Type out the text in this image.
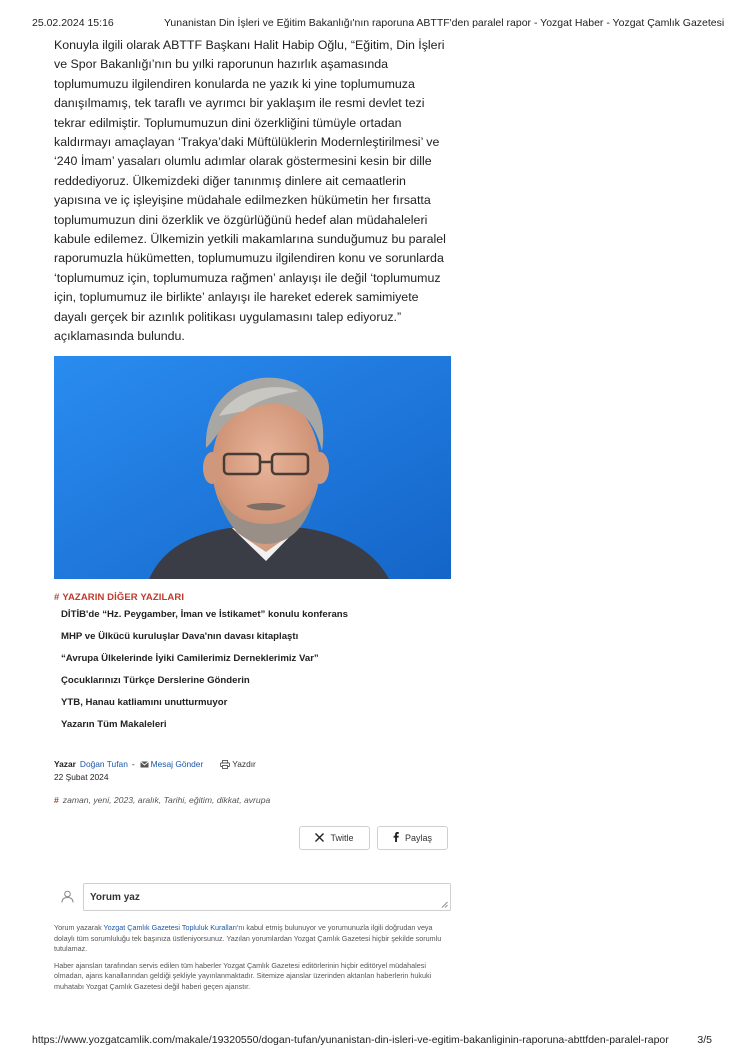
25.02.2024 15:16	Yunanistan Din İşleri ve Eğitim Bakanlığı'nın raporuna ABTTF'den paralel rapor - Yozgat Haber - Yozgat Çamlık Gazetesi
Konuyla ilgili olarak ABTTF Başkanı Halit Habip Oğlu, “Eğitim, Din İşleri ve Spor Bakanlığı’nın bu yılki raporunun hazırlık aşamasında toplumumuzu ilgilendiren konularda ne yazık ki yine toplumumuza danışılmamış, tek taraflı ve ayrımcı bir yaklaşım ile resmi devlet tezi tekrar edilmiştir. Toplumumuzun dini özerkliğini tümüyle ortadan kaldırmayı amaçlayan ‘Trakya’daki Müftülüklerin Modernleştirilmesi’ ve ‘240 İmam’ yasaları olumlu adımlar olarak göstermesini kesin bir dille reddediyoruz. Ülkemizdeki diğer tanınmış dinlere ait cemaatlerin yapısına ve iç işleyişine müdahale edilmezken hükümetin her fırsatta toplumumuzun dini özerklik ve özgürlüğünü hedef alan müdahaleleri kabule edilemez. Ülkemizin yetkili makamlarına sunduğumuz bu paralel raporumuzla hükümetten, toplumumuzu ilgilendiren konu ve sorunlarda ‘toplumumuz için, toplumumuza rağmen’ anlayışı ile değil ‘toplumumuz için, toplumumuz ile birlikte’ anlayışı ile hareket ederek samimiyete dayalı gerçek bir azınlık politikası uygulamasını talep ediyoruz.” açıklamasında bulundu.
# YAZARIN DİĞER YAZILARI
DİTİB'de “Hz. Peygamber, İman ve İstikamet” konulu konferans
MHP ve Ülkücü kuruluşlar Dava'nın davası kitaplaştı
“Avrupa Ülkelerinde İyiki Camilerimiz Derneklerimiz Var”
Çocuklarınızı Türkçe Derslerine Gönderin
YTB, Hanau katliamını unutturmuyor
Yazarın Tüm Makaleleri
Yazar Doğan Tufan - Mesaj Gönder	Yazdır
22 Şubat 2024
# zaman, yeni, 2023, aralık, Tarihi, eğitim, dikkat, avrupa
Twitle	Paylaş
Yorum yaz

Yorum yazarak Yozgat Çamlık Gazetesi Topluluk Kuralları'nı kabul etmiş bulunuyor ve yorumunuzla ilgili doğrudan veya dolaylı tüm sorumluluğu tek başınıza üstleniyorsunuz. Yazılan yorumlardan Yozgat Çamlık Gazetesi hiçbir şekilde sorumlu tutulamaz.

Haber ajansları tarafından servis edilen tüm haberler Yozgat Çamlık Gazetesi editörlerinin hiçbir editöryel müdahalesi olmadan, ajans kanallarından geldiği şekliyle yayınlanmaktadır. Sitemize ajanslar üzerinden aktarılan haberlerin hukuki muhatabı Yozgat Çamlık Gazetesi değil haberi geçen ajanstır.

https://www.yozgatcamlik.com/makale/19320550/dogan-tufan/yunanistan-din-isleri-ve-egitim-bakanliginin-raporuna-abttfden-paralel-rapor	3/5
